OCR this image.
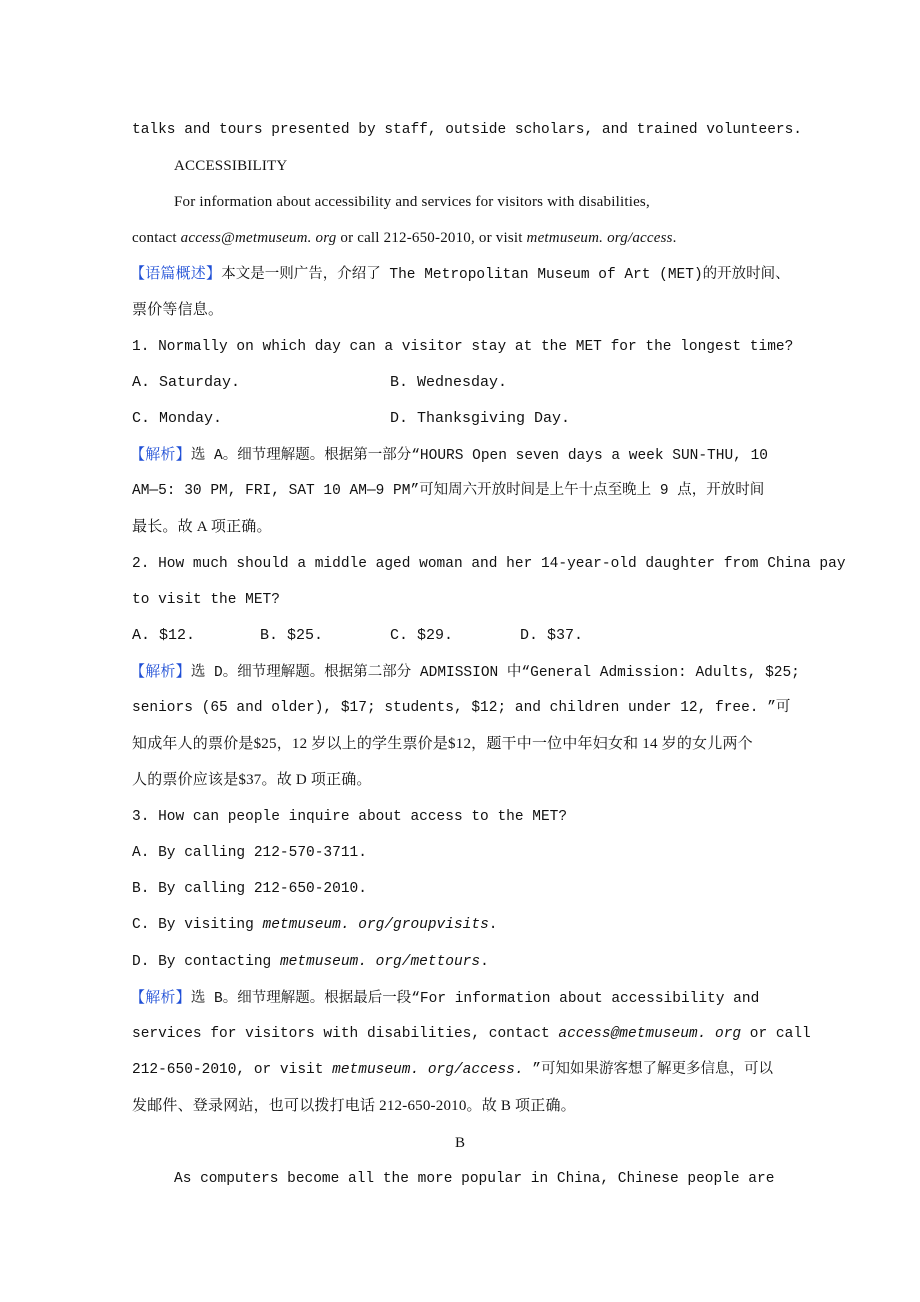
talks and tours presented by staff, outside scholars, and trained volunteers.
ACCESSIBILITY
For information about accessibility and services for visitors with disabilities,
contact access@metmuseum. org or call 212-650-2010, or visit metmuseum. org/access.
【语篇概述】本文是一则广告，介绍了 The Metropolitan Museum of Art (MET)的开放时间、
票价等信息。
1. Normally on which day can a visitor stay at the MET for the longest time?
A. Saturday.	B. Wednesday.
C. Monday.	D. Thanksgiving Day.
【解析】选 A。细节理解题。根据第一部分“HOURS Open seven days a week SUN-THU, 10
AM—5: 30 PM, FRI, SAT 10 AM—9 PM”可知周六开放时间是上午十点至晚上 9 点，开放时间
最长。故 A 项正确。
2. How much should a middle aged woman and her 14-year-old daughter from China pay
to visit the MET?
A. $12.	B. $25.	C. $29.	D. $37.
【解析】选 D。细节理解题。根据第二部分 ADMISSION 中“General Admission: Adults, $25;
seniors (65 and older), $17; students, $12; and children under 12, free. ”可
知成年人的票价是$25，12 岁以上的学生票价是$12，题干中一位中年妇女和 14 岁的女儿两个
人的票价应该是$37。故 D 项正确。
3. How can people inquire about access to the MET?
A. By calling 212-570-3711.
B. By calling 212-650-2010.
C. By visiting metmuseum. org/groupvisits.
D. By contacting metmuseum. org/mettours.
【解析】选 B。细节理解题。根据最后一段“For information about accessibility and
services for visitors with disabilities, contact access@metmuseum. org or call
212-650-2010, or visit metmuseum. org/access. ”可知如果游客想了解更多信息，可以
发邮件、登录网站，也可以拨打电话 212-650-2010。故 B 项正确。
B
As computers become all the more popular in China, Chinese people are
